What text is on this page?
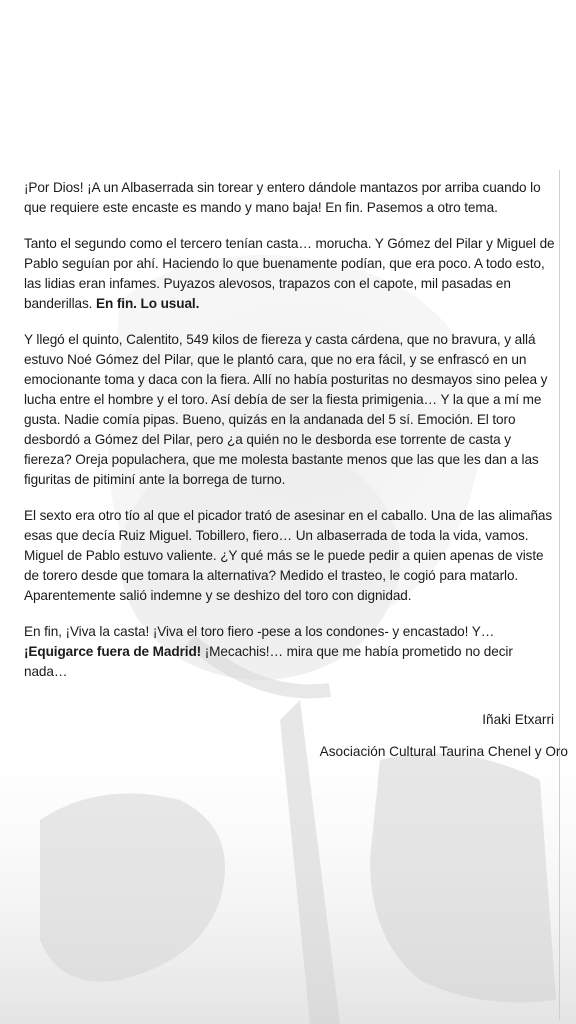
¡Por Dios! ¡A un Albaserrada sin torear y entero dándole mantazos por arriba cuando lo que requiere este encaste es mando y mano baja! En fin. Pasemos a otro tema.

Tanto el segundo como el tercero tenían casta… morucha. Y Gómez del Pilar y Miguel de Pablo seguían por ahí. Haciendo lo que buenamente podían, que era poco. A todo esto, las lidias eran infames. Puyazos alevosos, trapazos con el capote, mil pasadas en banderillas. En fin. Lo usual.

Y llegó el quinto, Calentito, 549 kilos de fiereza y casta cárdena, que no bravura, y allá estuvo Noé Gómez del Pilar, que le plantó cara, que no era fácil, y se enfrascó en un emocionante toma y daca con la fiera. Allí no había posturitas no desmayos sino pelea y lucha entre el hombre y el toro. Así debía de ser la fiesta primigenia… Y la que a mí me gusta. Nadie comía pipas. Bueno, quizás en la andanada del 5 sí. Emoción. El toro desbordó a Gómez del Pilar, pero ¿a quién no le desborda ese torrente de casta y fiereza? Oreja populachera, que me molesta bastante menos que las que les dan a las figuritas de pitiminí ante la borrega de turno.

El sexto era otro tío al que el picador trató de asesinar en el caballo. Una de las alimañas esas que decía Ruiz Miguel. Tobillero, fiero… Un albaserrada de toda la vida, vamos. Miguel de Pablo estuvo valiente. ¿Y qué más se le puede pedir a quien apenas de viste de torero desde que tomara la alternativa? Medido el trasteo, le cogió para matarlo. Aparentemente salió indemne y se deshizo del toro con dignidad.

En fin, ¡Viva la casta! ¡Viva el toro fiero -pese a los condones- y encastado! Y… ¡Equigarce fuera de Madrid! ¡Mecachis!… mira que me había prometido no decir nada…

Iñaki Etxarri
Asociación Cultural Taurina Chenel y Oro
